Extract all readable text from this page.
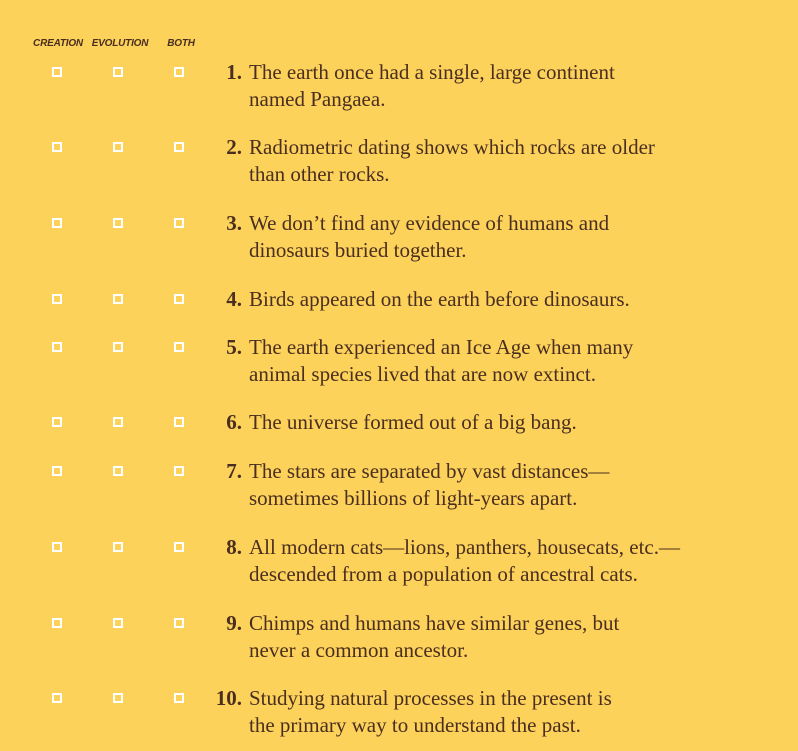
CREATION EVOLUTION BOTH
1. The earth once had a single, large continent
named Pangaea.
2. Radiometric dating shows which rocks are older
than other rocks.
3. We don’t find any evidence of humans and
dinosaurs buried together.
4. Birds appeared on the earth before dinosaurs.
5. The earth experienced an Ice Age when many
animal species lived that are now extinct.
6. The universe formed out of a big bang.
7. The stars are separated by vast distances—
sometimes billions of light-years apart.
8. All modern cats—lions, panthers, housecats, etc.—
descended from a population of ancestral cats.
9. Chimps and humans have similar genes, but
never a common ancestor.
10. Studying natural processes in the present is
the primary way to understand the past.
